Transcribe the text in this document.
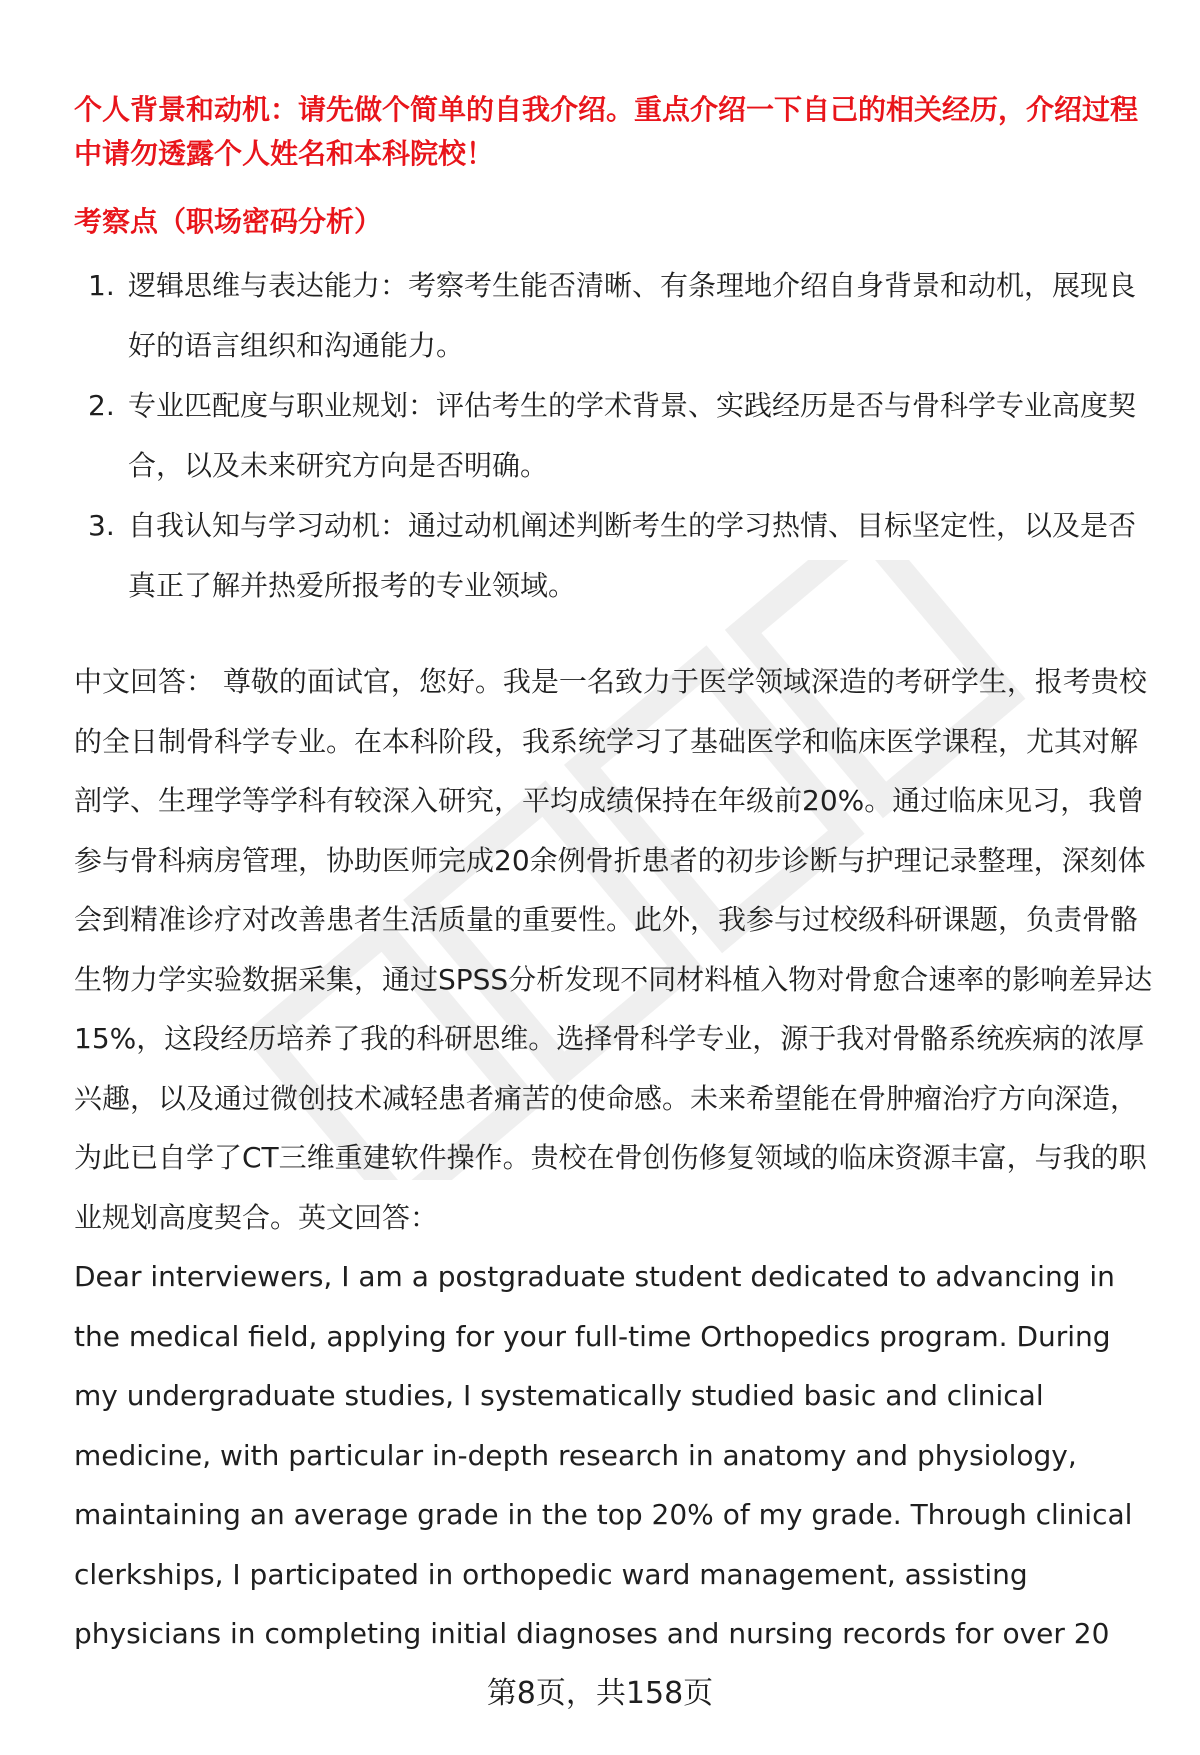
个人背景和动机：请先做个简单的自我介绍。重点介绍一下自己的相关经历，介绍过程中请勿透露个人姓名和本科院校！

考察点（职场密码分析）

1. 逻辑思维与表达能力：考察考生能否清晰、有条理地介绍自身背景和动机，展现良好的语言组织和沟通能力。
2. 专业匹配度与职业规划：评估考生的学术背景、实践经历是否与骨科学专业高度契合，以及未来研究方向是否明确。
3. 自我认知与学习动机：通过动机阐述判断考生的学习热情、目标坚定性，以及是否真正了解并热爱所报考的专业领域。

中文回答： 尊敬的面试官，您好。我是一名致力于医学领域深造的考研学生，报考贵校的全日制骨科学专业。在本科阶段，我系统学习了基础医学和临床医学课程，尤其对解剖学、生理学等学科有较深入研究，平均成绩保持在年级前20%。通过临床见习，我曾参与骨科病房管理，协助医师完成20余例骨折患者的初步诊断与护理记录整理，深刻体会到精准诊疗对改善患者生活质量的重要性。此外，我参与过校级科研课题，负责骨骼生物力学实验数据采集，通过SPSS分析发现不同材料植入物对骨愈合速率的影响差异达15%，这段经历培养了我的科研思维。选择骨科学专业，源于我对骨骼系统疾病的浓厚兴趣，以及通过微创技术减轻患者痛苦的使命感。未来希望能在骨肿瘤治疗方向深造，为此已自学了CT三维重建软件操作。贵校在骨创伤修复领域的临床资源丰富，与我的职业规划高度契合。英文回答：

Dear interviewers, I am a postgraduate student dedicated to advancing in the medical field, applying for your full-time Orthopedics program. During my undergraduate studies, I systematically studied basic and clinical medicine, with particular in-depth research in anatomy and physiology, maintaining an average grade in the top 20% of my grade. Through clinical clerkships, I participated in orthopedic ward management, assisting physicians in completing initial diagnoses and nursing records for over 20

第8页，共158页
